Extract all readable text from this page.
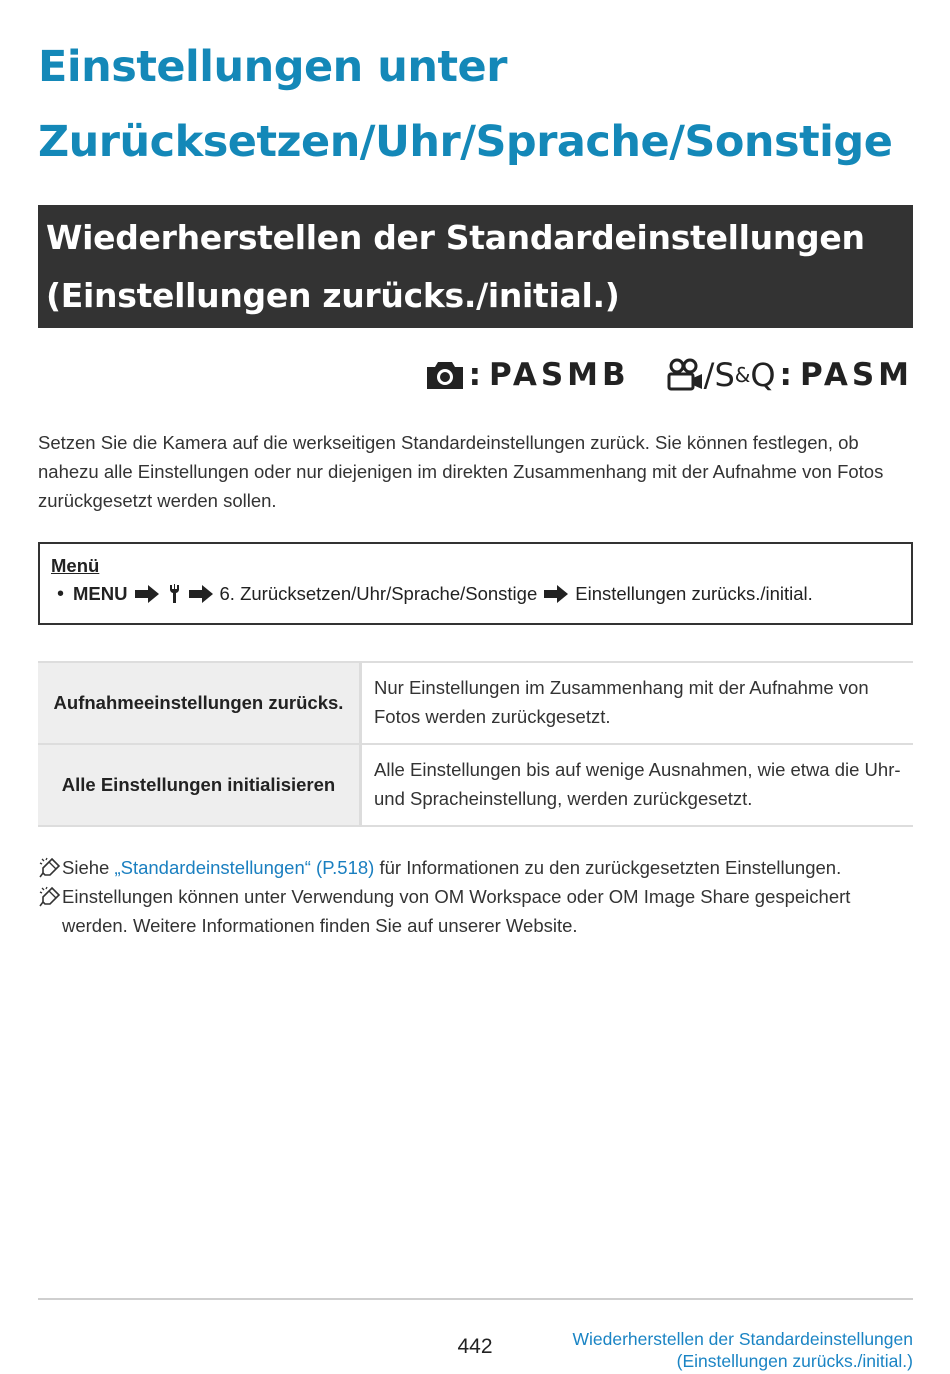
Einstellungen unter
Zurücksetzen/Uhr/Sprache/Sonstige
Wiederherstellen der Standardeinstellungen
(Einstellungen zurücks./initial.)
: PASMB / S & Q : PASM
Setzen Sie die Kamera auf die werkseitigen Standardeinstellungen zurück. Sie können festlegen, ob nahezu alle Einstellungen oder nur diejenigen im direkten Zusammenhang mit der Aufnahme von Fotos zurückgesetzt werden sollen.
Menü
• MENU	6. Zurücksetzen/Uhr/Sprache/Sonstige Einstellungen zurücks./initial.
Aufnahmeeinstellungen zurücks.	Nur Einstellungen im Zusammenhang mit der Aufnahme von Fotos werden zurückgesetzt.
Alle Einstellungen initialisieren	Alle Einstellungen bis auf wenige Ausnahmen, wie etwa die Uhr- und Spracheinstellung, werden zurückgesetzt.
Siehe „Standardeinstellungen“ (P.518) für Informationen zu den zurückgesetzten Einstellungen.
Einstellungen können unter Verwendung von OM Workspace oder OM Image Share gespeichert werden. Weitere Informationen finden Sie auf unserer Website.
442	Wiederherstellen der Standardeinstellungen
(Einstellungen zurücks./initial.)
